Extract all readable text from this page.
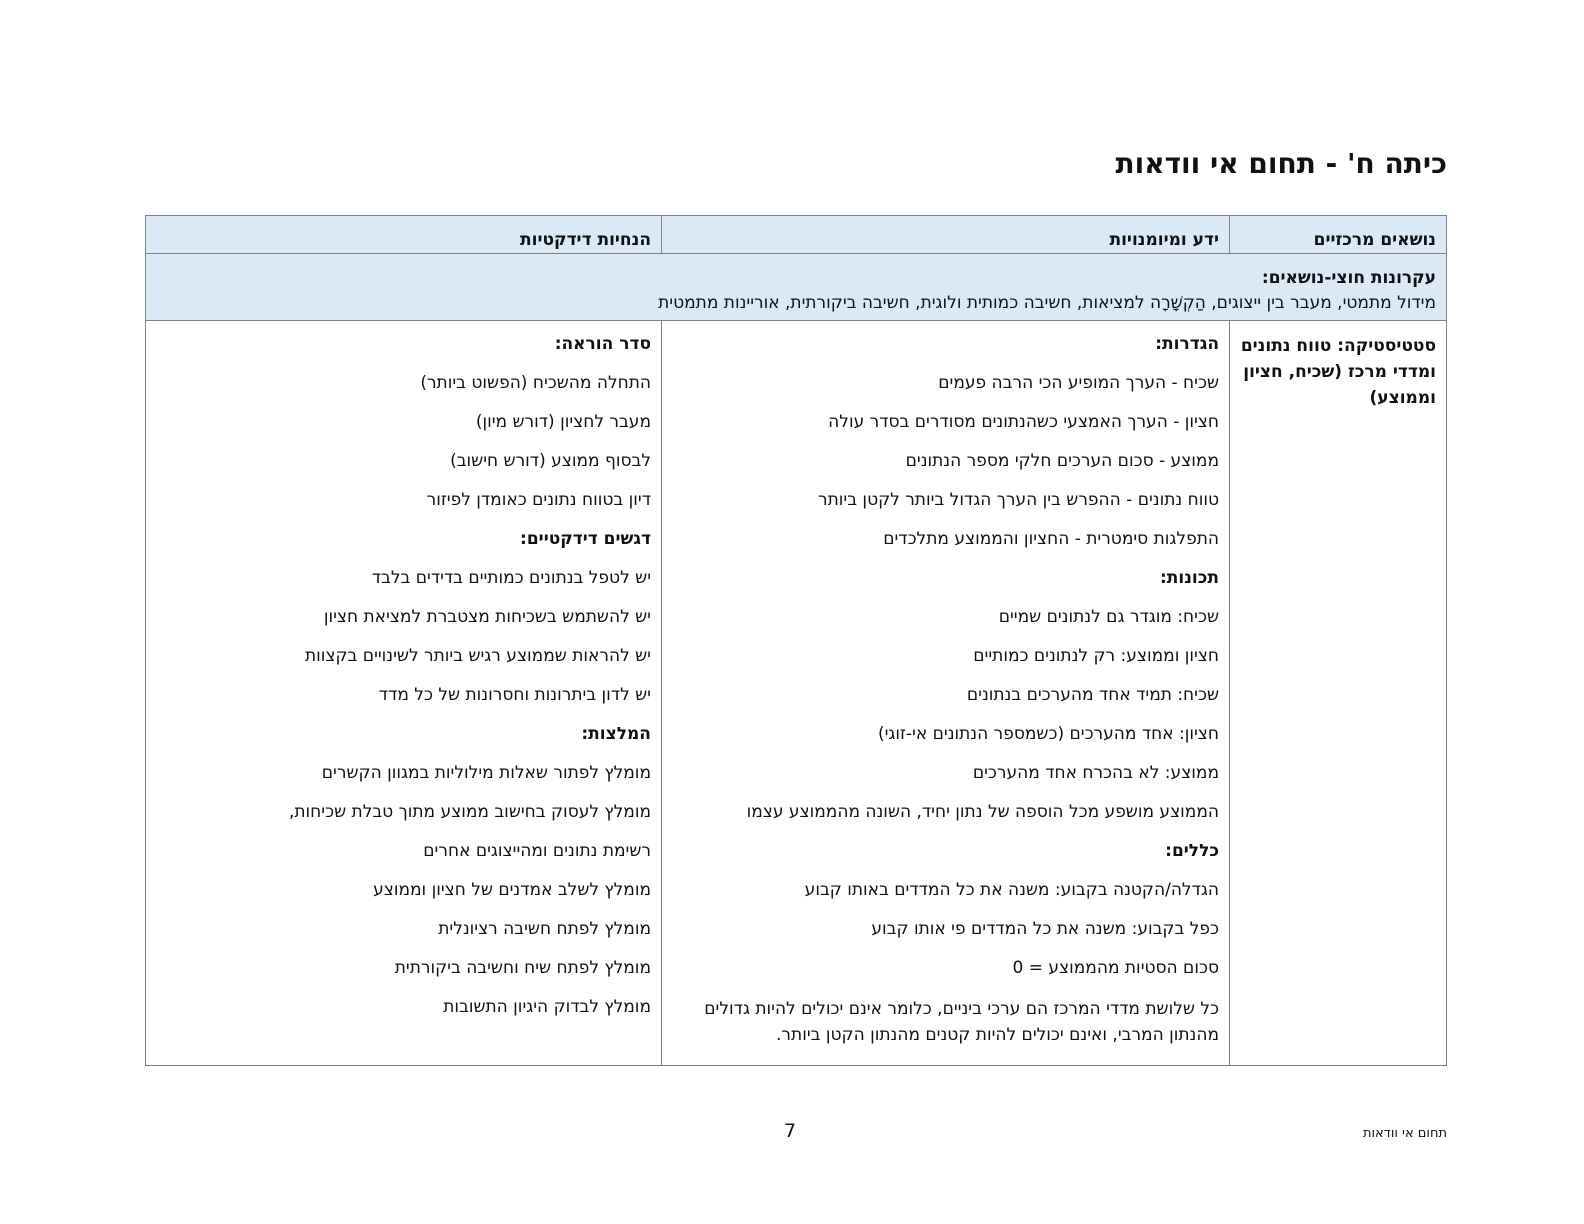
כיתה ח' - תחום אי וודאות
נושאים מרכזיים
ידע ומיומנויות
הנחיות דידקטיות
עקרונות חוצי-נושאים:
מידול מתמטי, מעבר בין ייצוגים, הַקְשָׁרָה למציאות, חשיבה כמותית ולוגית, חשיבה ביקורתית, אוריינות מתמטית
סטטיסטיקה: טווח נתונים ומדדי מרכז (שכיח, חציון וממוצע)
הגדרות:
שכיח - הערך המופיע הכי הרבה פעמים
חציון - הערך האמצעי כשהנתונים מסודרים בסדר עולה
ממוצע - סכום הערכים חלקי מספר הנתונים
טווח נתונים - ההפרש בין הערך הגדול ביותר לקטן ביותר
התפלגות סימטרית - החציון והממוצע מתלכדים
תכונות:
שכיח: מוגדר גם לנתונים שמיים
חציון וממוצע: רק לנתונים כמותיים
שכיח: תמיד אחד מהערכים בנתונים
חציון: אחד מהערכים (כשמספר הנתונים אי-זוגי)
ממוצע: לא בהכרח אחד מהערכים
הממוצע מושפע מכל הוספה של נתון יחיד, השונה מהממוצע עצמו
כללים:
הגדלה/הקטנה בקבוע: משנה את כל המדדים באותו קבוע
כפל בקבוע: משנה את כל המדדים פי אותו קבוע
סכום הסטיות מהממוצע = 0
כל שלושת מדדי המרכז הם ערכי ביניים, כלומר אינם יכולים להיות גדולים מהנתון המרבי, ואינם יכולים להיות קטנים מהנתון הקטן ביותר.
סדר הוראה:
התחלה מהשכיח (הפשוט ביותר)
מעבר לחציון (דורש מיון)
לבסוף ממוצע (דורש חישוב)
דיון בטווח נתונים כאומדן לפיזור
דגשים דידקטיים:
יש לטפל בנתונים כמותיים בדידים בלבד
יש להשתמש בשכיחות מצטברת למציאת חציון
יש להראות שממוצע רגיש ביותר לשינויים בקצוות
יש לדון ביתרונות וחסרונות של כל מדד
המלצות:
מומלץ לפתור שאלות מילוליות במגוון הקשרים
מומלץ לעסוק בחישוב ממוצע מתוך טבלת שכיחות,
רשימת נתונים ומהייצוגים אחרים
מומלץ לשלב אמדנים של חציון וממוצע
מומלץ לפתח חשיבה רציונלית
מומלץ לפתח שיח וחשיבה ביקורתית
מומלץ לבדוק היגיון התשובות
7	תחום אי וודאות
